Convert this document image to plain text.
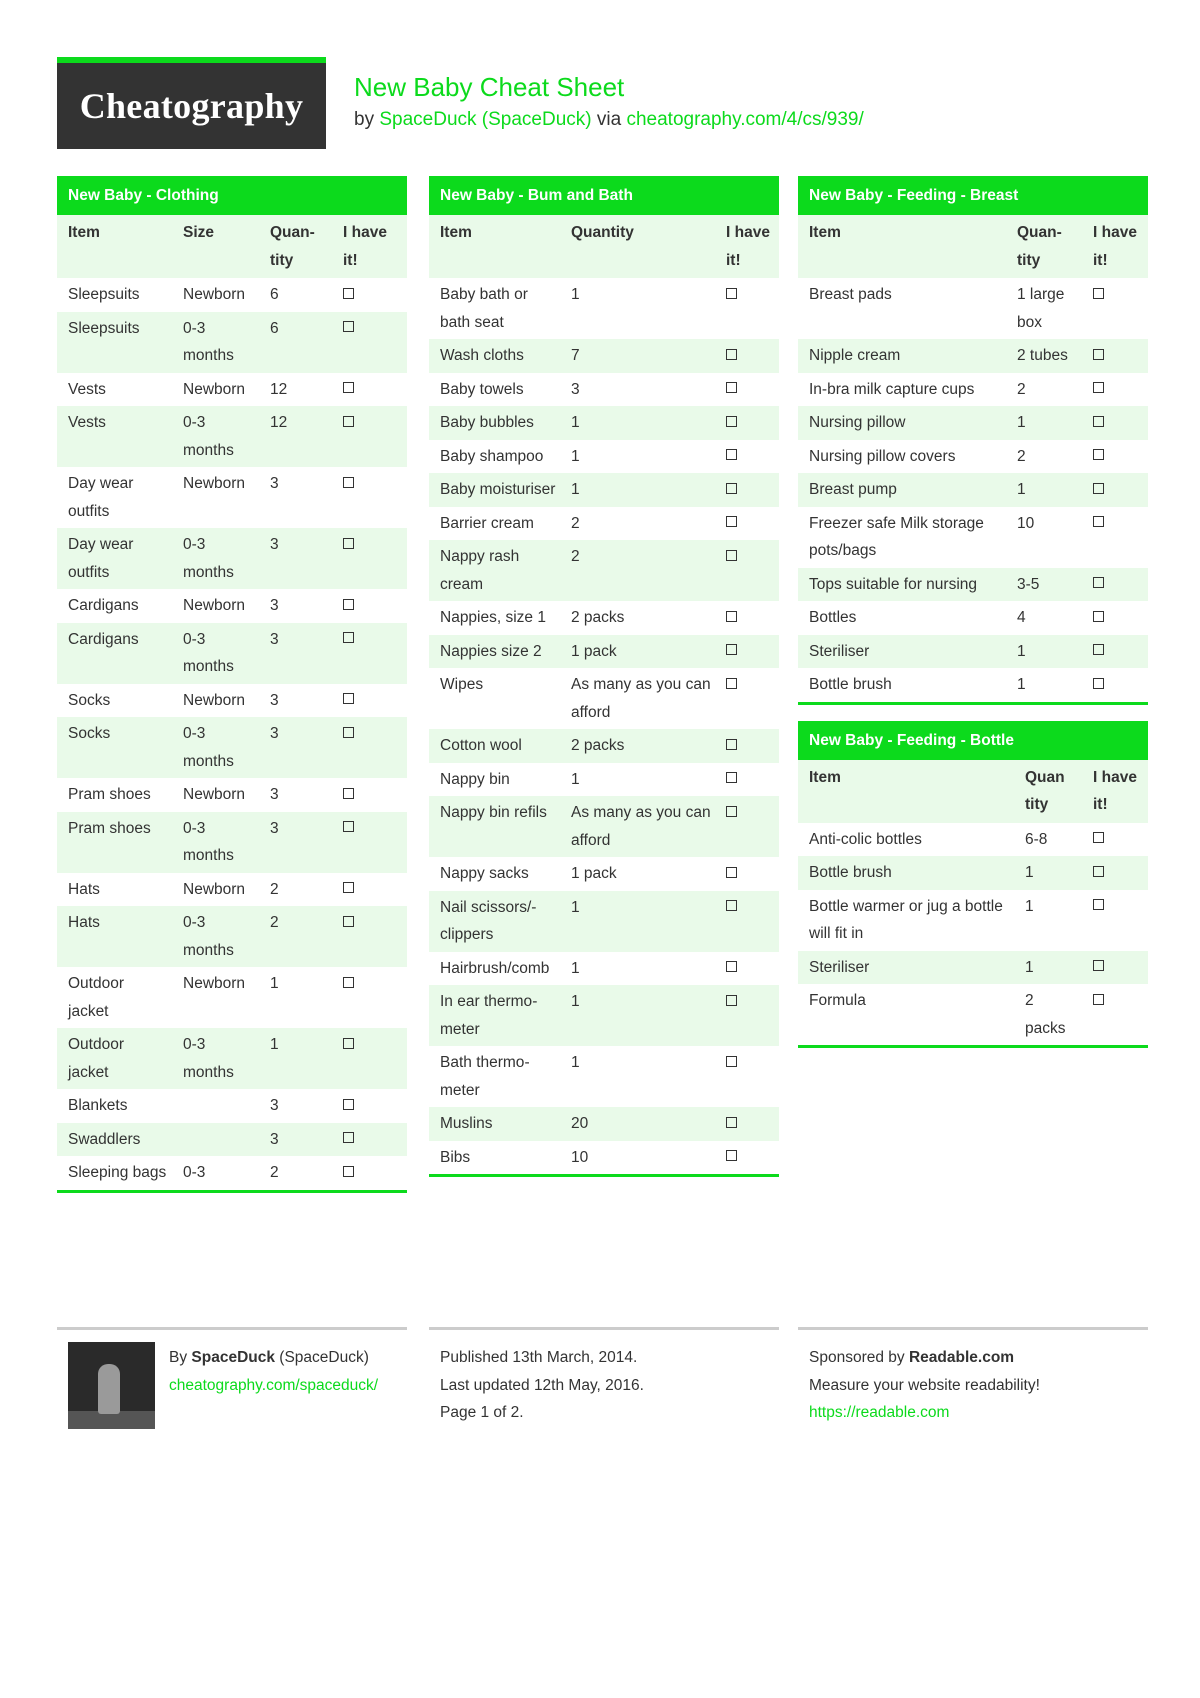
Cheatography New Baby Cheat Sheet
by SpaceDuck (SpaceDuck) via cheatography.com/4/cs/939/
New Baby - Clothing
Item	Size	Quantity	I have it!
Sleepsuits	Newborn	6	
Sleepsuits	0-3 months	6	
Vests	Newborn	12	
Vests	0-3 months	12	
Day wear outfits	Newborn	3	
Day wear outfits	0-3 months	3	
Cardigans	Newborn	3	
Cardigans	0-3 months	3	
Socks	Newborn	3	
Socks	0-3 months	3	
Pram shoes	Newborn	3	
Pram shoes	0-3 months	3	
Hats	Newborn	2	
Hats	0-3 months	2	
Outdoor jacket	Newborn	1	
Outdoor jacket	0-3 months	1	
Blankets		3	
Swaddlers		3	
Sleeping bags	0-3	2	
New Baby - Bum and Bath
Item	Quantity	I have it!
Baby bath or bath seat	1	
Wash cloths	7	
Baby towels	3	
Baby bubbles	1	
Baby shampoo	1	
Baby moisturiser	1	
Barrier cream	2	
Nappy rash cream	2	
Nappies, size 1	2 packs	
Nappies size 2	1 pack	
Wipes	As many as you can afford	
Cotton wool	2 packs	
Nappy bin	1	
Nappy bin refils	As many as you can afford	
Nappy sacks	1 pack	
Nail scissors/clippers	1	
Hairbrush/comb	1	
In ear thermometer	1	
Bath thermometer	1	
Muslins	20	
Bibs	10	
New Baby - Feeding - Breast
Item	Quantity	I have it!
Breast pads	1 large box	
Nipple cream	2 tubes	
In-bra milk capture cups	2	
Nursing pillow	1	
Nursing pillow covers	2	
Breast pump	1	
Freezer safe Milk storage pots/bags	10	
Tops suitable for nursing	3-5	
Bottles	4	
Steriliser	1	
Bottle brush	1	
New Baby - Feeding - Bottle
Item	Quan tity	I have it!
Anti-colic bottles	6-8	
Bottle brush	1	
Bottle warmer or jug a bottle will fit in	1	
Steriliser	1	
Formula	2 packs	
By SpaceDuck (SpaceDuck)
cheatography.com/spaceduck/
Published 13th March, 2014.
Last updated 12th May, 2016.
Page 1 of 2.
Sponsored by Readable.com
Measure your website readability!
https://readable.com
